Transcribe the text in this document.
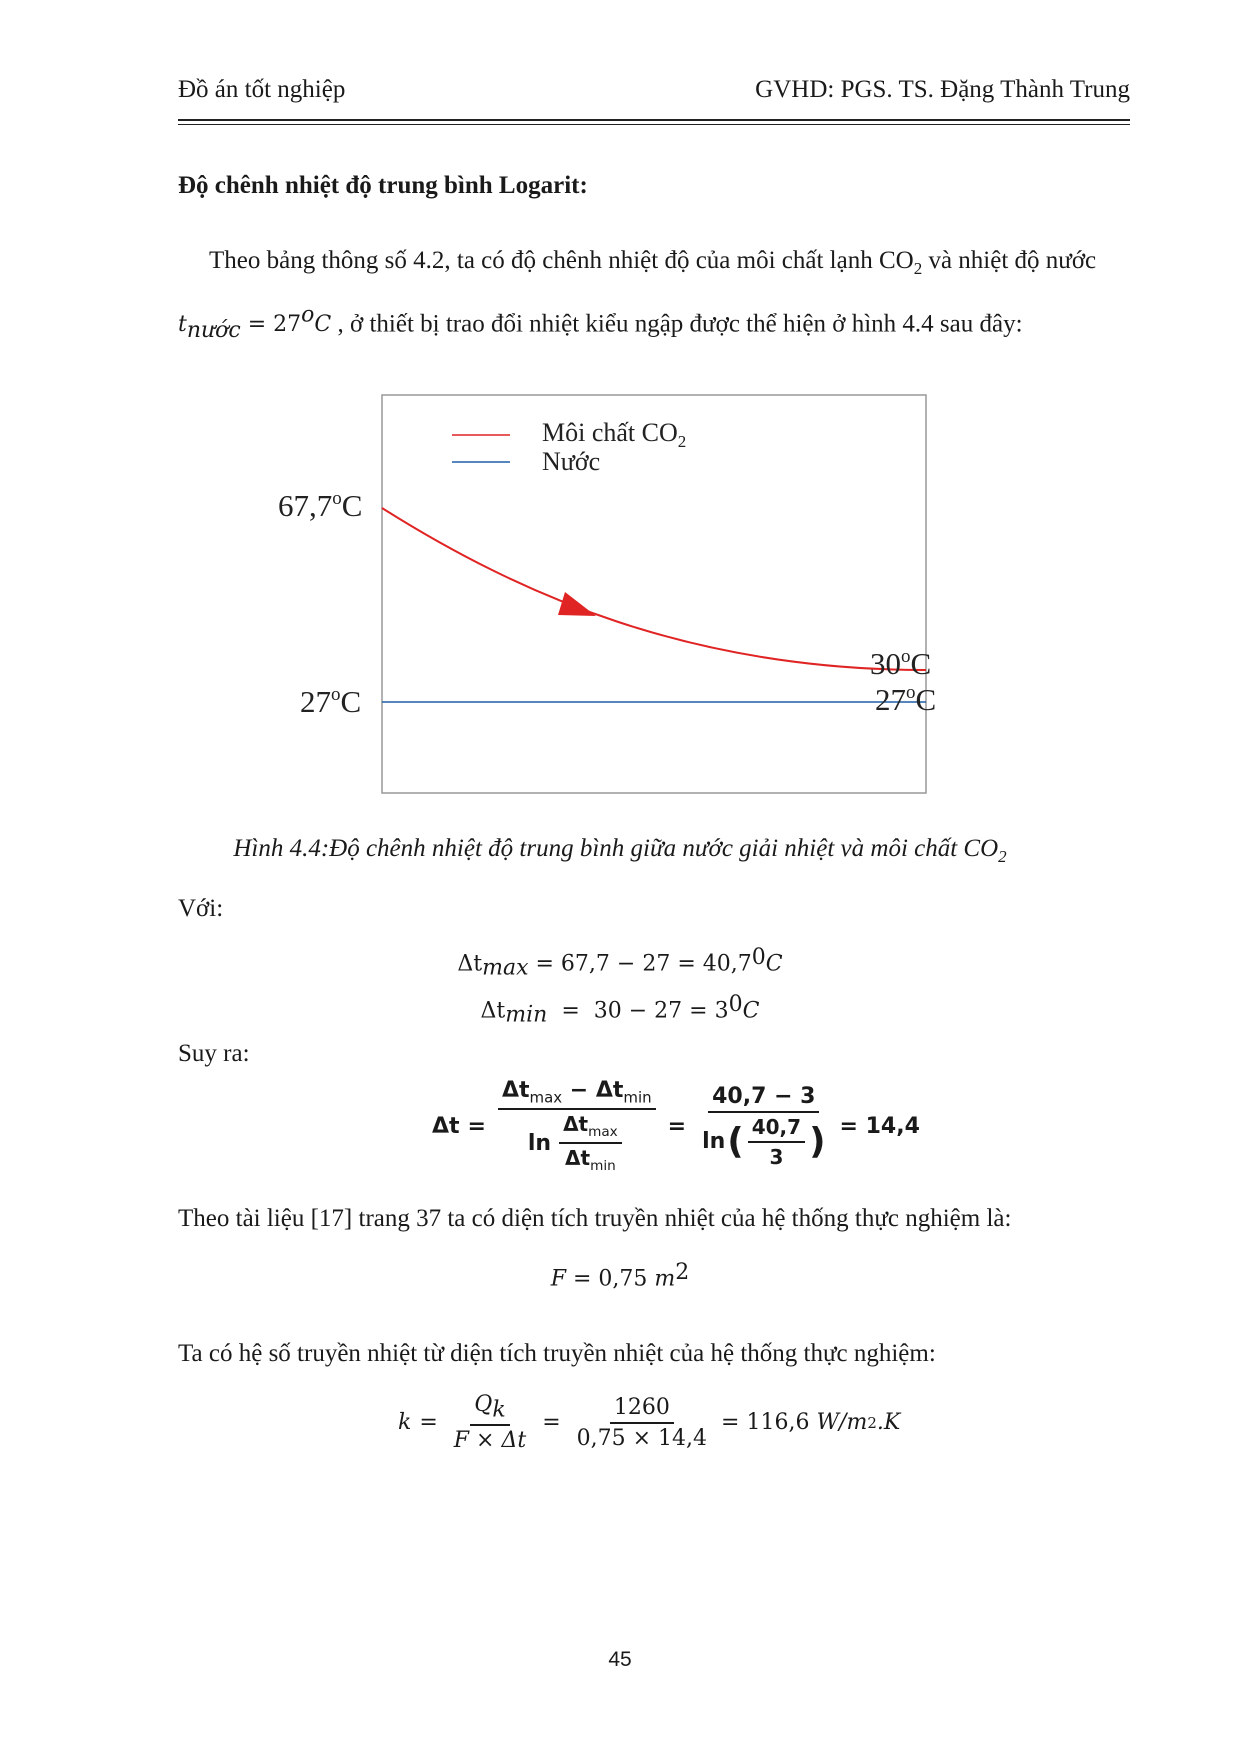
Đồ án tốt nghiệp	GVHD: PGS. TS. Đặng Thành Trung
Độ chênh nhiệt độ trung bình Logarit:
Theo bảng thông số 4.2, ta có độ chênh nhiệt độ của môi chất lạnh $CO_2$ và nhiệt độ nước $t_{nước} = 27^oC$ , ở thiết bị trao đổi nhiệt kiểu ngập được thể hiện ở hình 4.4 sau đây:
Môi chất $CO_2$
Nước
67,7$^o$C
27$^o$C
30$^o$C
27$^o$C
Hình 4.4:Độ chênh nhiệt độ trung bình giữa nước giải nhiệt và môi chất $CO_2$
Với:
$\Delta t_{max} = 67,7 - 27 = 40,7^0C$
$\Delta t_{min} = 30 - 27 = 3^0C$
Suy ra:
$\Delta t = \frac{\Delta t_{max} - \Delta t_{min}}{\ln \frac{\Delta t_{max}}{\Delta t_{min}}} = \frac{40,7 - 3}{\ln ( \frac{40,7}{3} )} = 14,4$
Theo tài liệu [17] trang 37 ta có diện tích truyền nhiệt của hệ thống thực nghiệm là:
F = 0,75 $m^2$
Ta có hệ số truyền nhiệt từ diện tích truyền nhiệt của hệ thống thực nghiệm:
$k = \frac{Q_k}{F \times \Delta t} = \frac{1260}{0,75 \times 14,4} = 116,6$ W/m 2 .K
45
